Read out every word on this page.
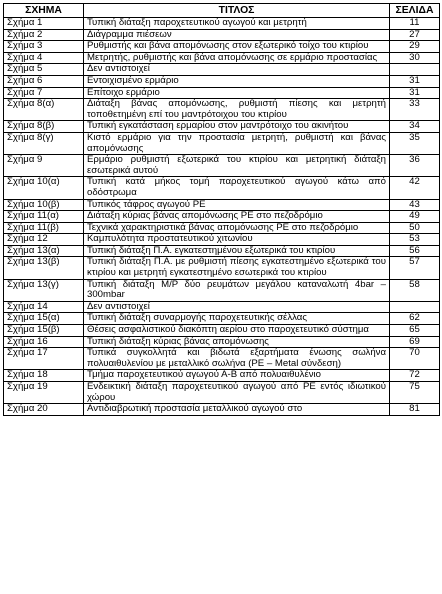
ΣΧΗΜΑ	ΤΙΤΛΟΣ	ΣΕΛΙΔΑ
Σχήμα 1	Τυπική διάταξη παροχετευτικού αγωγού και μετρητή	11
Σχήμα 2	Διάγραμμα πιέσεων	27
Σχήμα 3	Ρυθμιστής και βάνα απομόνωσης στον εξωτερικό τοίχο του κτιρίου	29
Σχήμα 4	Μετρητής, ρυθμιστής και βάνα απομόνωσης σε ερμάριο προστασίας	30
Σχήμα 5	Δεν αντιστοιχεί	
Σχήμα 6	Εντοιχισμένο ερμάριο	31
Σχήμα 7	Επίτοιχο ερμάριο	31
Σχήμα 8(α)	Διάταξη βάνας απομόνωσης, ρυθμιστή πίεσης και μετρητή τοποθετημένη επί του μαντρότοιχου του κτιρίου	33
Σχήμα 8(β)	Τυπική εγκατάσταση ερμαρίου στον μαντρότοιχο του ακινήτου	34
Σχήμα 8(γ)	Κιστό ερμάριο για την προστασία μετρητή, ρυθμιστή και βάνας απομόνωσης	35
Σχήμα 9	Ερμάριο ρυθμιστή εξωτερικά του κτιρίου και μετρητική διάταξη εσωτερικά αυτού	36
Σχήμα 10(α)	Τυπική κατά μήκος τομή παροχετευτικού αγωγού κάτω από οδόστρωμα	42
Σχήμα 10(β)	Τυπικός τάφρος αγωγού PE	43
Σχήμα 11(α)	Διάταξη κύριας βάνας απομόνωσης PE στο πεζοδρόμιο	49
Σχήμα 11(β)	Τεχνικά χαρακτηριστικά βάνας απομόνωσης PE στο πεζοδρόμιο	50
Σχήμα 12	Καμπυλότητα προστατευτικού χιτωνίου	53
Σχήμα 13(α)	Τυπική διάταξη Π.Α. εγκατεστημένου εξωτερικά του κτιρίου	56
Σχήμα 13(β)	Τυπική διάταξη Π.Α. με ρυθμιστή πίεσης εγκατεστημένο εξωτερικά του κτιρίου και μετρητή εγκατεστημένο εσωτερικά του κτιρίου	57
Σχήμα 13(γ)	Τυπική διάταξη Μ/Ρ δύο ρευμάτων μεγάλου καταναλωτή 4bar – 300mbar	58
Σχήμα 14	Δεν αντιστοιχεί	
Σχήμα 15(α)	Τυπική διάταξη συναρμογής παροχετευτικής σέλλας	62
Σχήμα 15(β)	Θέσεις ασφαλιστικού διακόπτη αερίου στο παροχετευτικό σύστημα	65
Σχήμα 16	Τυπική διάταξη κύριας βάνας απομόνωσης	69
Σχήμα 17	Τυπικά συγκολλητά και βιδωτά εξαρτήματα ένωσης σωλήνα πολυαιθυλενίου με μεταλλικό σωλήνα (PE – Metal σύνδεση)	70
Σχήμα 18	Τμήμα παροχετευτικού αγωγού Α-Β από πολυαιθυλένιο	72
Σχήμα 19	Ενδεικτική διάταξη παροχετευτικού αγωγού από PE εντός ιδιωτικού χώρου	75
Σχήμα 20	Αντιδιαβρωτική προστασία μεταλλικού αγωγού στο	81
